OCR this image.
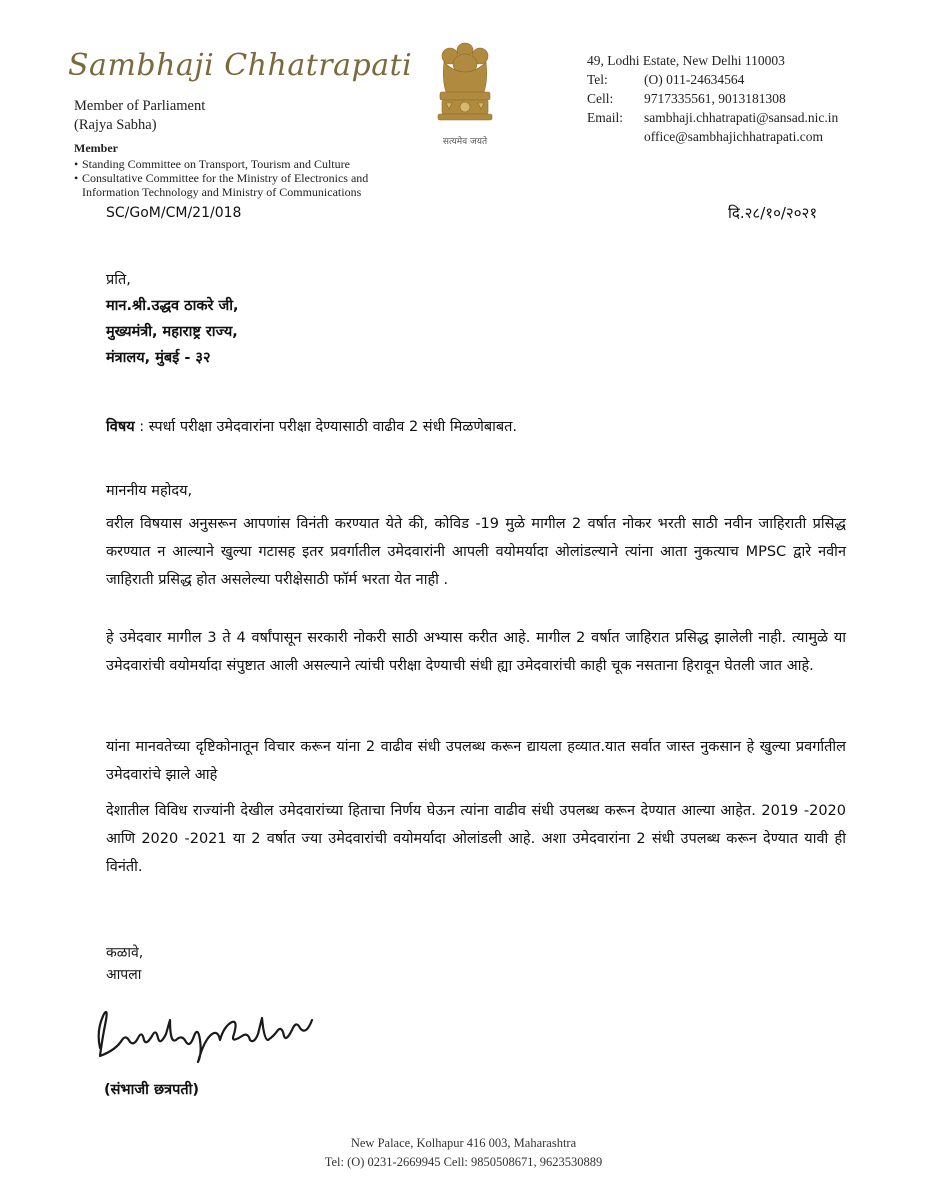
Sambhaji Chhatrapati
Member of Parliament
(Rajya Sabha)
Member
• Standing Committee on Transport, Tourism and Culture
• Consultative Committee for the Ministry of Electronics and Information Technology and Ministry of Communications
सत्यमेव जयते
49, Lodhi Estate, New Delhi 110003
Tel:	(O) 011-24634564
Cell:	9717335561, 9013181308
Email:	sambhaji.chhatrapati@sansad.nic.in
office@sambhajichhatrapati.com
SC/GoM/CM/21/018	दि.२८/१०/२०२१
प्रति,
मान.श्री.उद्धव ठाकरे जी,
मुख्यमंत्री, महाराष्ट्र राज्य,
मंत्रालय, मुंबई - ३२
विषय : स्पर्धा परीक्षा उमेदवारांना परीक्षा देण्यासाठी वाढीव 2 संधी मिळणेबाबत.
माननीय महोदय,
वरील विषयास अनुसरून आपणांस विनंती करण्यात येते की, कोविड -19 मुळे मागील 2 वर्षात नोकर भरती साठी नवीन जाहिराती प्रसिद्ध करण्यात न आल्याने खुल्या गटासह इतर प्रवर्गातील उमेदवारांनी आपली वयोमर्यादा ओलांडल्याने त्यांना आता नुकत्याच MPSC द्वारे नवीन जाहिराती प्रसिद्ध होत असलेल्या परीक्षेसाठी फॉर्म भरता येत नाही .
हे उमेदवार मागील 3 ते 4 वर्षांपासून सरकारी नोकरी साठी अभ्यास करीत आहे. मागील 2 वर्षात जाहिरात प्रसिद्ध झालेली नाही. त्यामुळे या उमेदवारांची वयोमर्यादा संपुष्टात आली असल्याने त्यांची परीक्षा देण्याची संधी ह्या उमेदवारांची काही चूक नसताना हिरावून घेतली जात आहे.
यांना मानवतेच्या दृष्टिकोनातून विचार करून यांना 2 वाढीव संधी उपलब्ध करून द्यायला हव्यात.यात सर्वात जास्त नुकसान हे खुल्या प्रवर्गातील उमेदवारांचे झाले आहे
देशातील विविध राज्यांनी देखील उमेदवारांच्या हिताचा निर्णय घेऊन त्यांना वाढीव संधी उपलब्ध करून देण्यात आल्या आहेत. 2019 -2020 आणि 2020 -2021 या 2 वर्षात ज्या उमेदवारांची वयोमर्यादा ओलांडली आहे. अशा उमेदवारांना 2 संधी उपलब्ध करून देण्यात यावी ही विनंती.
कळावे,
आपला
(संभाजी छत्रपती)
New Palace, Kolhapur 416 003, Maharashtra
Tel: (O) 0231-2669945 Cell: 9850508671, 9623530889
